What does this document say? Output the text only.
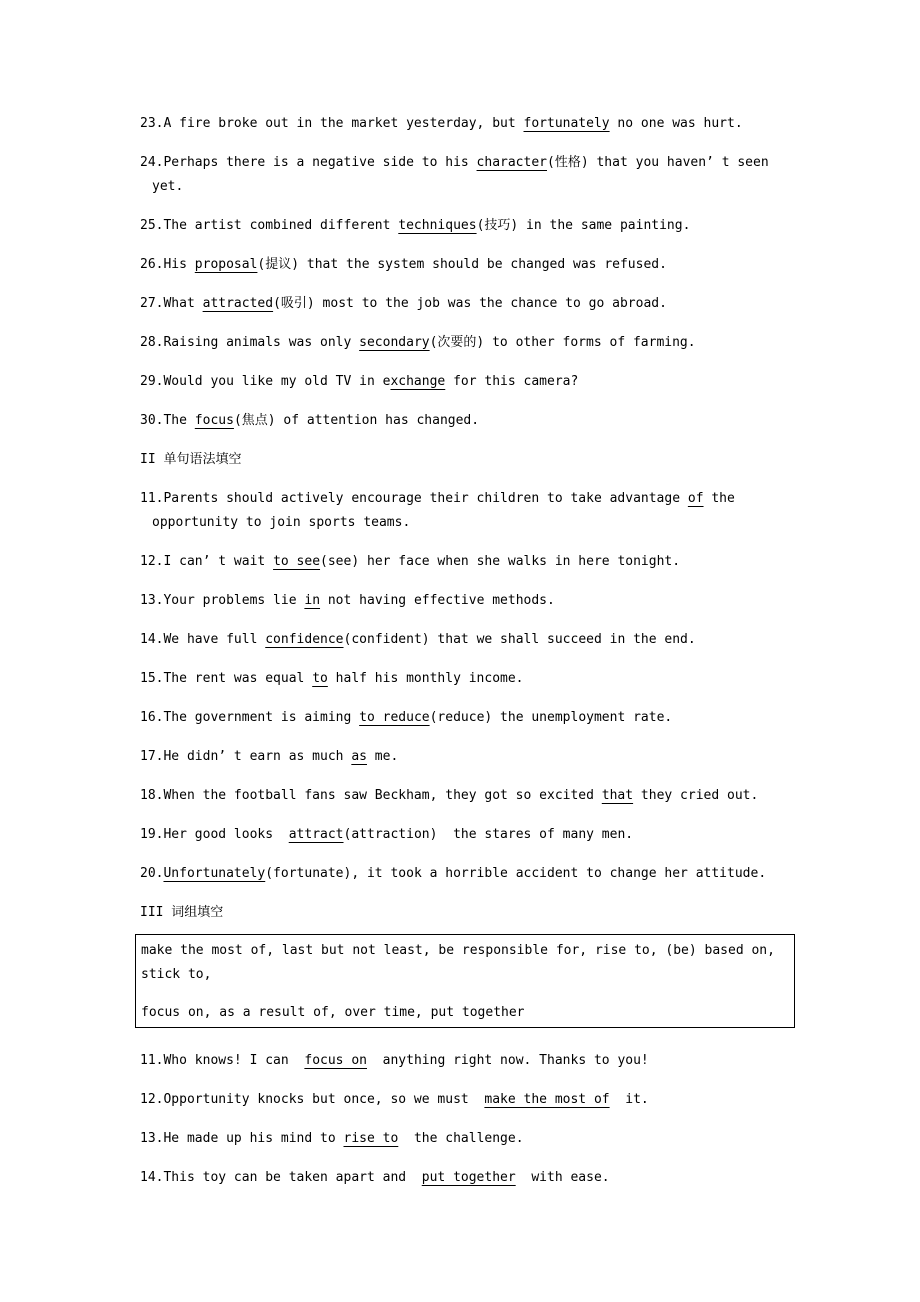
23.A fire broke out in the market yesterday, but fortunately no one was hurt.
24.Perhaps there is a negative side to his character(性格) that you haven’ t seen
yet.
25.The artist combined different techniques(技巧) in the same painting.
26.His proposal(提议) that the system should be changed was refused.
27.What attracted(吸引) most to the job was the chance to go abroad.
28.Raising animals was only secondary(次要的) to other forms of farming.
29.Would you like my old TV in exchange for this camera?
30.The focus(焦点) of attention has changed.
II 单句语法填空
11.Parents should actively encourage their children to take advantage of the
opportunity to join sports teams.
12.I can’ t wait to see(see) her face when she walks in here tonight.
13.Your problems lie in not having effective methods.
14.We have full confidence(confident) that we shall succeed in the end.
15.The rent was equal to half his monthly income.
16.The government is aiming to reduce(reduce) the unemployment rate.
17.He didn’ t earn as much as me.
18.When the football fans saw Beckham, they got so excited that they cried out.
19.Her good looks  attract(attraction)  the stares of many men.
20.Unfortunately(fortunate), it took a horrible accident to change her attitude.
III 词组填空
make the most of, last but not least, be responsible for, rise to, (be) based on,
stick to,
focus on, as a result of, over time, put together
11.Who knows! I can  focus on  anything right now. Thanks to you!
12.Opportunity knocks but once, so we must  make the most of  it.
13.He made up his mind to rise to  the challenge.
14.This toy can be taken apart and  put together  with ease.
